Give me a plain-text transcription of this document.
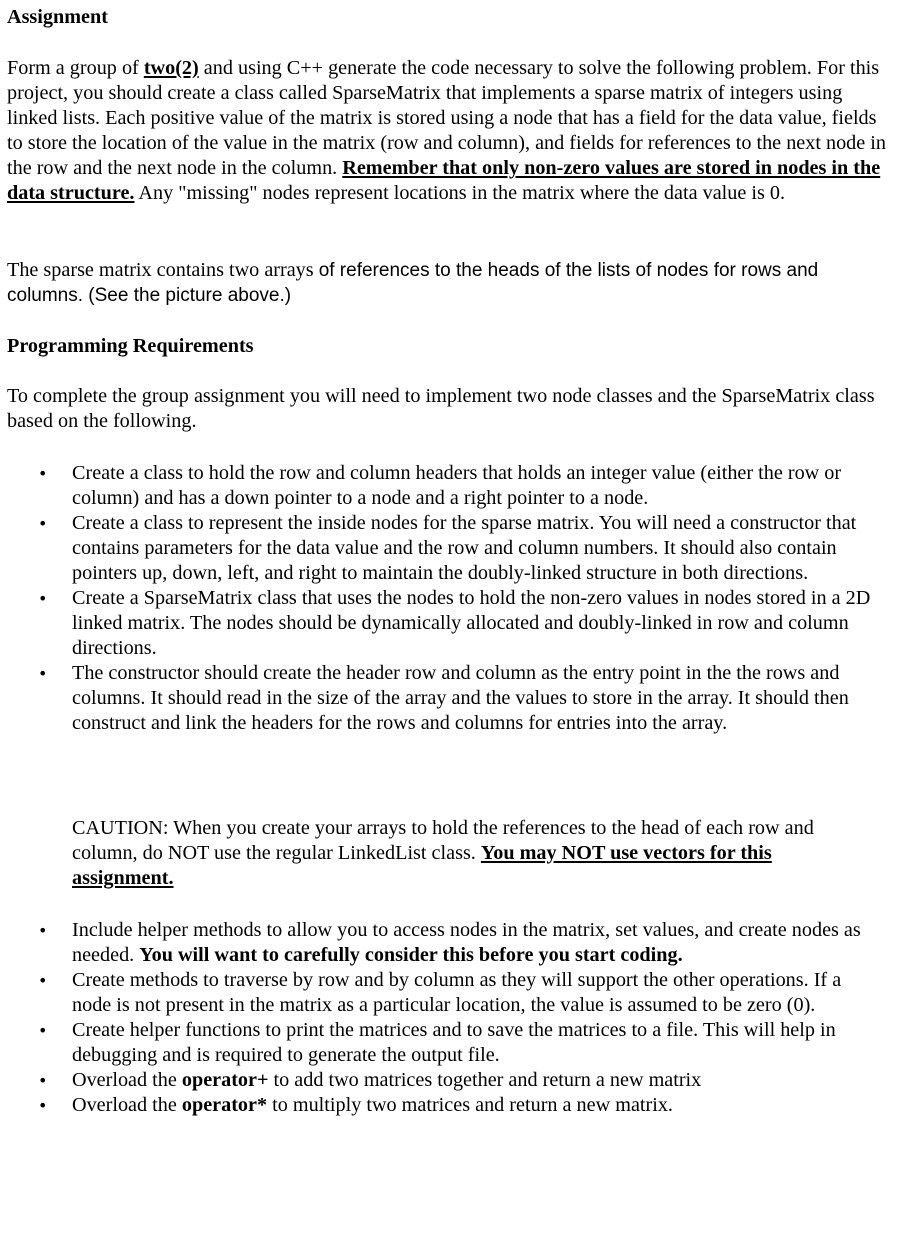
Assignment

Form a group of two(2) and using C++ generate the code necessary to solve the following problem. For this project, you should create a class called SparseMatrix that implements a sparse matrix of integers using linked lists. Each positive value of the matrix is stored using a node that has a field for the data value, fields to store the location of the value in the matrix (row and column), and fields for references to the next node in the row and the next node in the column. Remember that only non-zero values are stored in nodes in the data structure. Any "missing" nodes represent locations in the matrix where the data value is 0.

The sparse matrix contains two arrays of references to the heads of the lists of nodes for rows and columns. (See the picture above.)

Programming Requirements

To complete the group assignment you will need to implement two node classes and the SparseMatrix class based on the following.

• Create a class to hold the row and column headers that holds an integer value (either the row or column) and has a down pointer to a node and a right pointer to a node.
• Create a class to represent the inside nodes for the sparse matrix. You will need a constructor that contains parameters for the data value and the row and column numbers. It should also contain pointers up, down, left, and right to maintain the doubly-linked structure in both directions.
• Create a SparseMatrix class that uses the nodes to hold the non-zero values in nodes stored in a 2D linked matrix. The nodes should be dynamically allocated and doubly-linked in row and column directions.
• The constructor should create the header row and column as the entry point in the the rows and columns. It should read in the size of the array and the values to store in the array. It should then construct and link the headers for the rows and columns for entries into the array.

CAUTION: When you create your arrays to hold the references to the head of each row and column, do NOT use the regular LinkedList class. You may NOT use vectors for this assignment.

• Include helper methods to allow you to access nodes in the matrix, set values, and create nodes as needed. You will want to carefully consider this before you start coding.
• Create methods to traverse by row and by column as they will support the other operations. If a node is not present in the matrix as a particular location, the value is assumed to be zero (0).
• Create helper functions to print the matrices and to save the matrices to a file. This will help in debugging and is required to generate the output file.
• Overload the operator+ to add two matrices together and return a new matrix
• Overload the operator* to multiply two matrices and return a new matrix.
